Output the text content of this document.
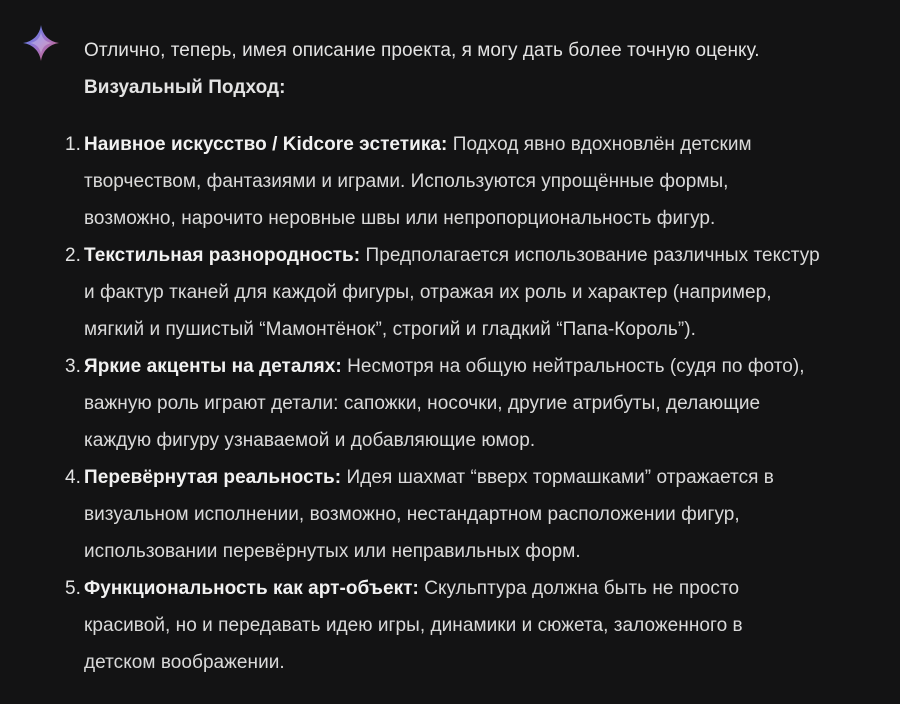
Отлично, теперь, имея описание проекта, я могу дать более точную оценку.

Визуальный Подход:

1. Наивное искусство / Kidcore эстетика: Подход явно вдохновлён детским
творчеством, фантазиями и играми. Используются упрощённые формы,
возможно, нарочито неровные швы или непропорциональность фигур.
2. Текстильная разнородность: Предполагается использование различных текстур
и фактур тканей для каждой фигуры, отражая их роль и характер (например,
мягкий и пушистый “Мамонтёнок”, строгий и гладкий “Папа-Король”).
3. Яркие акценты на деталях: Несмотря на общую нейтральность (судя по фото),
важную роль играют детали: сапожки, носочки, другие атрибуты, делающие
каждую фигуру узнаваемой и добавляющие юмор.
4. Перевёрнутая реальность: Идея шахмат “вверх тормашками” отражается в
визуальном исполнении, возможно, нестандартном расположении фигур,
использовании перевёрнутых или неправильных форм.
5. Функциональность как арт-объект: Скульптура должна быть не просто
красивой, но и передавать идею игры, динамики и сюжета, заложенного в
детском воображении.
